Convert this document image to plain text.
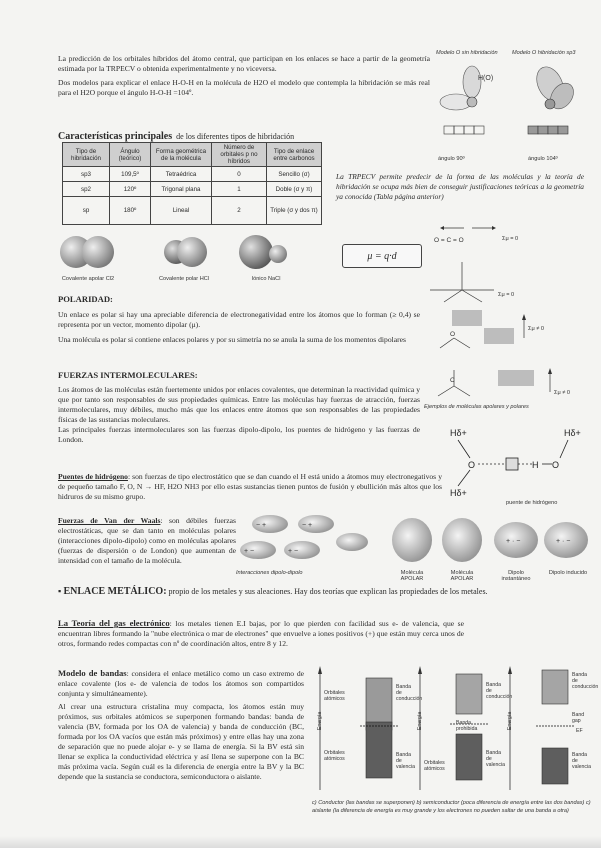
La predicción de los orbitales híbridos del átomo central, que participan en los enlaces se hace a partir de la geometría estimada por la TRPECV o obtenida experimentalmente y no viceversa.

Dos modelos para explicar el enlace H-O-H en la molécula de H2O el modelo que contempla la hibridación se más real para el H2O porque el ángulo H-O-H =104º.

Modelo O sin hibridación	Modelo O hibridación sp3
H(O)
ángulo 90º	ángulo 104º
Características principales de los diferentes tipos de hibridación
Tipo de hibridación	Ángulo (teórico)	Forma geométrica de la molécula	Número de orbitales p no híbridos	Tipo de enlace entre carbonos
sp3	109,5º	Tetraédrica	0	Sencillo (σ)
sp2	120º	Trigonal plana	1	Doble (σ y π)
sp	180º	Lineal	2	Triple (σ y dos π)
La TRPECV permite predecir de la forma de las moléculas y la teoría de hibridación se ocupa más bien de conseguir justificaciones teóricas a la geometría ya conocida (Tabla página anterior)
Covalente apolar Cl2	Covalente polar HCl	Iónico NaCl
μ = q·d
O = C = O
O
C
Σμ = 0
Σμ = 0
Σμ ≠ 0
Σμ ≠ 0
Ejemplos de moléculas apolares y polares
POLARIDAD:

Un enlace es polar si hay una apreciable diferencia de electronegatividad entre los átomos que lo forman (≥ 0,4) se representa por un vector, momento dipolar (μ).

Una molécula es polar si contiene enlaces polares y por su simetría no se anula la suma de los momentos dipolares

FUERZAS INTERMOLECULARES:

Los átomos de las moléculas están fuertemente unidos por enlaces covalentes, que determinan la reactividad química y que por tanto son responsables de sus propiedades químicas. Entre las moléculas hay fuerzas de atracción, fuerzas intermoleculares, muy débiles, mucho más que los enlaces entre átomos que son responsables de las propiedades físicas de las sustancias moleculares.

Las principales fuerzas intermoleculares son las fuerzas dipolo-dipolo, los puentes de hidrógeno y las fuerzas de London.

Hδ+
O
Hδ+
H O
Hδ+
puente de hidrógeno

Puentes de hidrógeno: son fuerzas de tipo electrostático que se dan cuando el H está unido a átomos muy electronegativos y de pequeño tamaño F, O, N → HF, H2O NH3 por ello estas sustancias tienen puntos de fusión y ebullición más altos que los hidruros de su mismo grupo.

Fuerzas de Van der Waals: son débiles fuerzas electrostáticas, que se dan tanto en moléculas polares (interacciones dipolo-dipolo) como en moléculas apolares (fuerzas de dispersión o de London) que aumentan de intensidad con el tamaño de la molécula.

− +	− +
+ −	+ −
+ · −	+ · −
Interacciones dipolo-dipolo	Molécula APOLAR
Molécula APOLAR
Dipolo instantáneo
Dipolo inducido

▪ ENLACE METÁLICO: propio de los metales y sus aleaciones. Hay dos teorías que explican las propiedades de los metales.

La Teoría del gas electrónico: los metales tienen E.I bajas, por lo que pierden con facilidad sus e- de valencia, que se encuentran libres formando la "nube electrónica o mar de electrones" que envuelve a iones positivos (+) que están muy cerca unos de otros, formando redes compactas con nº de coordinación altos, entre 8 y 12.

Modelo de bandas: considera el enlace metálico como un caso extremo de enlace covalente (los e- de valencia de todos los átomos son compartidos conjunta y simultáneamente).

Al crear una estructura cristalina muy compacta, los átomos están muy próximos, sus orbitales atómicos se superponen formando bandas: banda de valencia (BV, formada por los OA de valencia) y banda de conducción (BC, formada por los OA vacíos que están más próximos) y entre ellas hay una zona de separación que no puede alojar e- y se llama de energía. Si la BV está sin llenar se explica la conductividad eléctrica y así llena se superpone con la BC más próxima vacía. Según cuál es la diferencia de energía entre la BV y la BC depende que la sustancia se conductora, semiconductora o aislante.

Energía	Energía	Energía
Orbitales atómicos
Orbitales atómicos
Banda de conducción
Banda de valencia
Orbitales atómicos
Banda de conducción
Banda prohibida
Banda de valencia
Banda de conducción
Band gap
EF
Banda de valencia
c) Conductor (las bandas se superponen) b) semiconductor (poca diferencia de energía entre las dos bandas) c) aislante (la diferencia de energía es muy grande y los electrones no pueden saltar de una banda a otra)
